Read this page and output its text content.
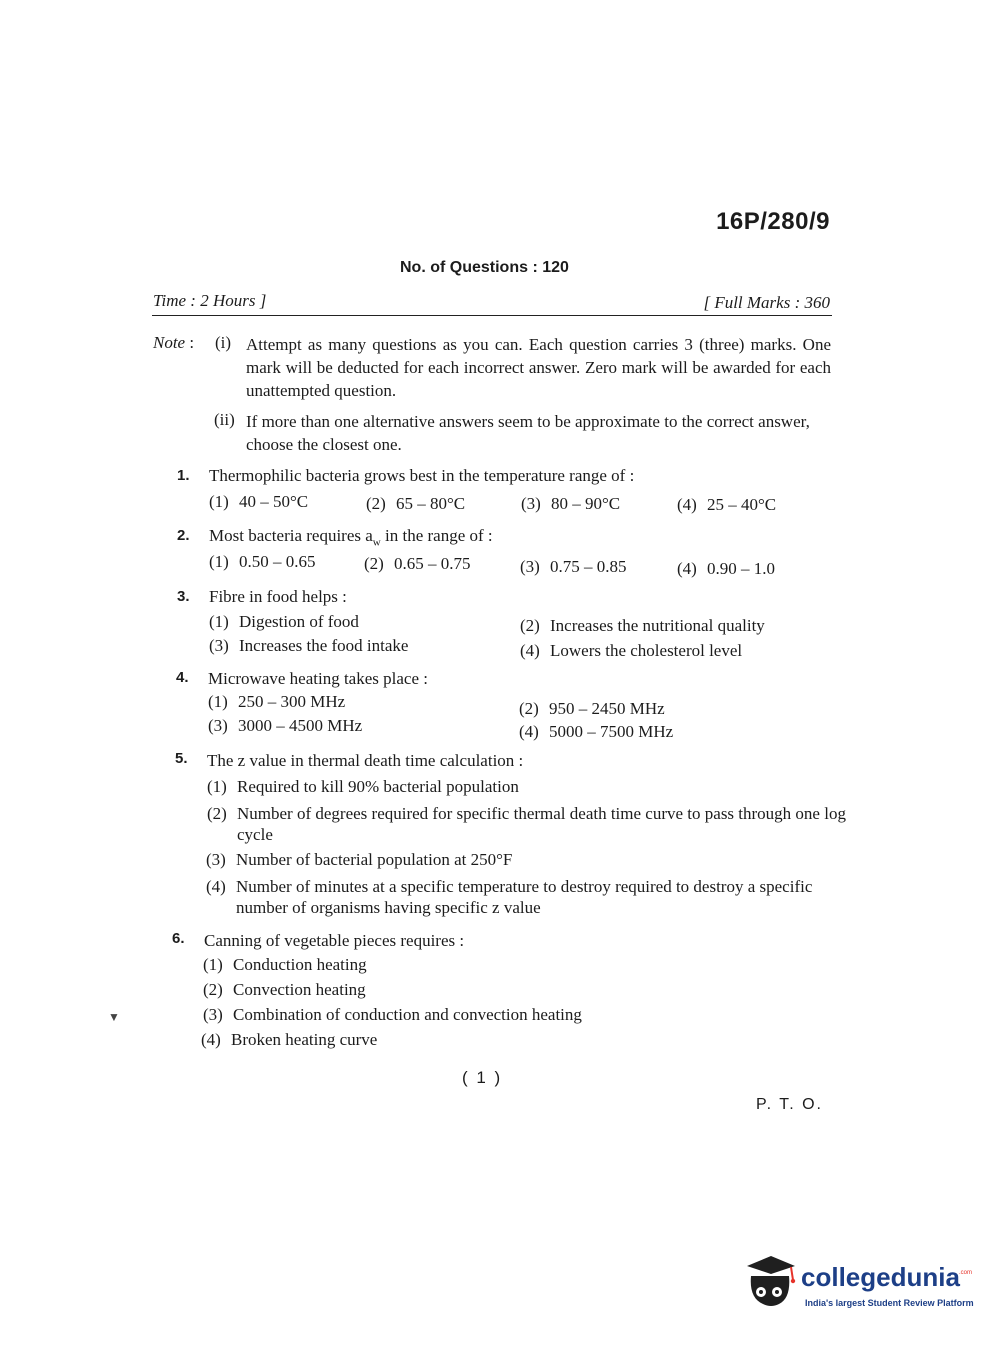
16P/280/9
No. of Questions : 120
Time : 2 Hours ]	[ Full Marks : 360
Note : (i) Attempt as many questions as you can. Each question carries 3 (three) marks. One mark will be deducted for each incorrect answer. Zero mark will be awarded for each unattempted question.
(ii) If more than one alternative answers seem to be approximate to the correct answer, choose the closest one.
1. Thermophilic bacteria grows best in the temperature range of :
(1) 40 – 50°C	(2) 65 – 80°C	(3) 80 – 90°C	(4) 25 – 40°C
2. Most bacteria requires $a_w$ in the range of :
(1) 0.50 – 0.65	(2) 0.65 – 0.75	(3) 0.75 – 0.85	(4) 0.90 – 1.0
3. Fibre in food helps :
(1) Digestion of food	(2) Increases the nutritional quality
(3) Increases the food intake	(4) Lowers the cholesterol level
4. Microwave heating takes place :
(1) 250 – 300 MHz	(2) 950 – 2450 MHz
(3) 3000 – 4500 MHz	(4) 5000 – 7500 MHz
5. The z value in thermal death time calculation :
(1) Required to kill 90% bacterial population
(2) Number of degrees required for specific thermal death time curve to pass through one log cycle
(3) Number of bacterial population at 250°F
(4) Number of minutes at a specific temperature to destroy required to destroy a specific number of organisms having specific z value
6. Canning of vegetable pieces requires :
(1) Conduction heating
(2) Convection heating
(3) Combination of conduction and convection heating
(4) Broken heating curve
▼
( 1 )
P. T. O.
collegedunia .com
India's largest Student Review Platform
